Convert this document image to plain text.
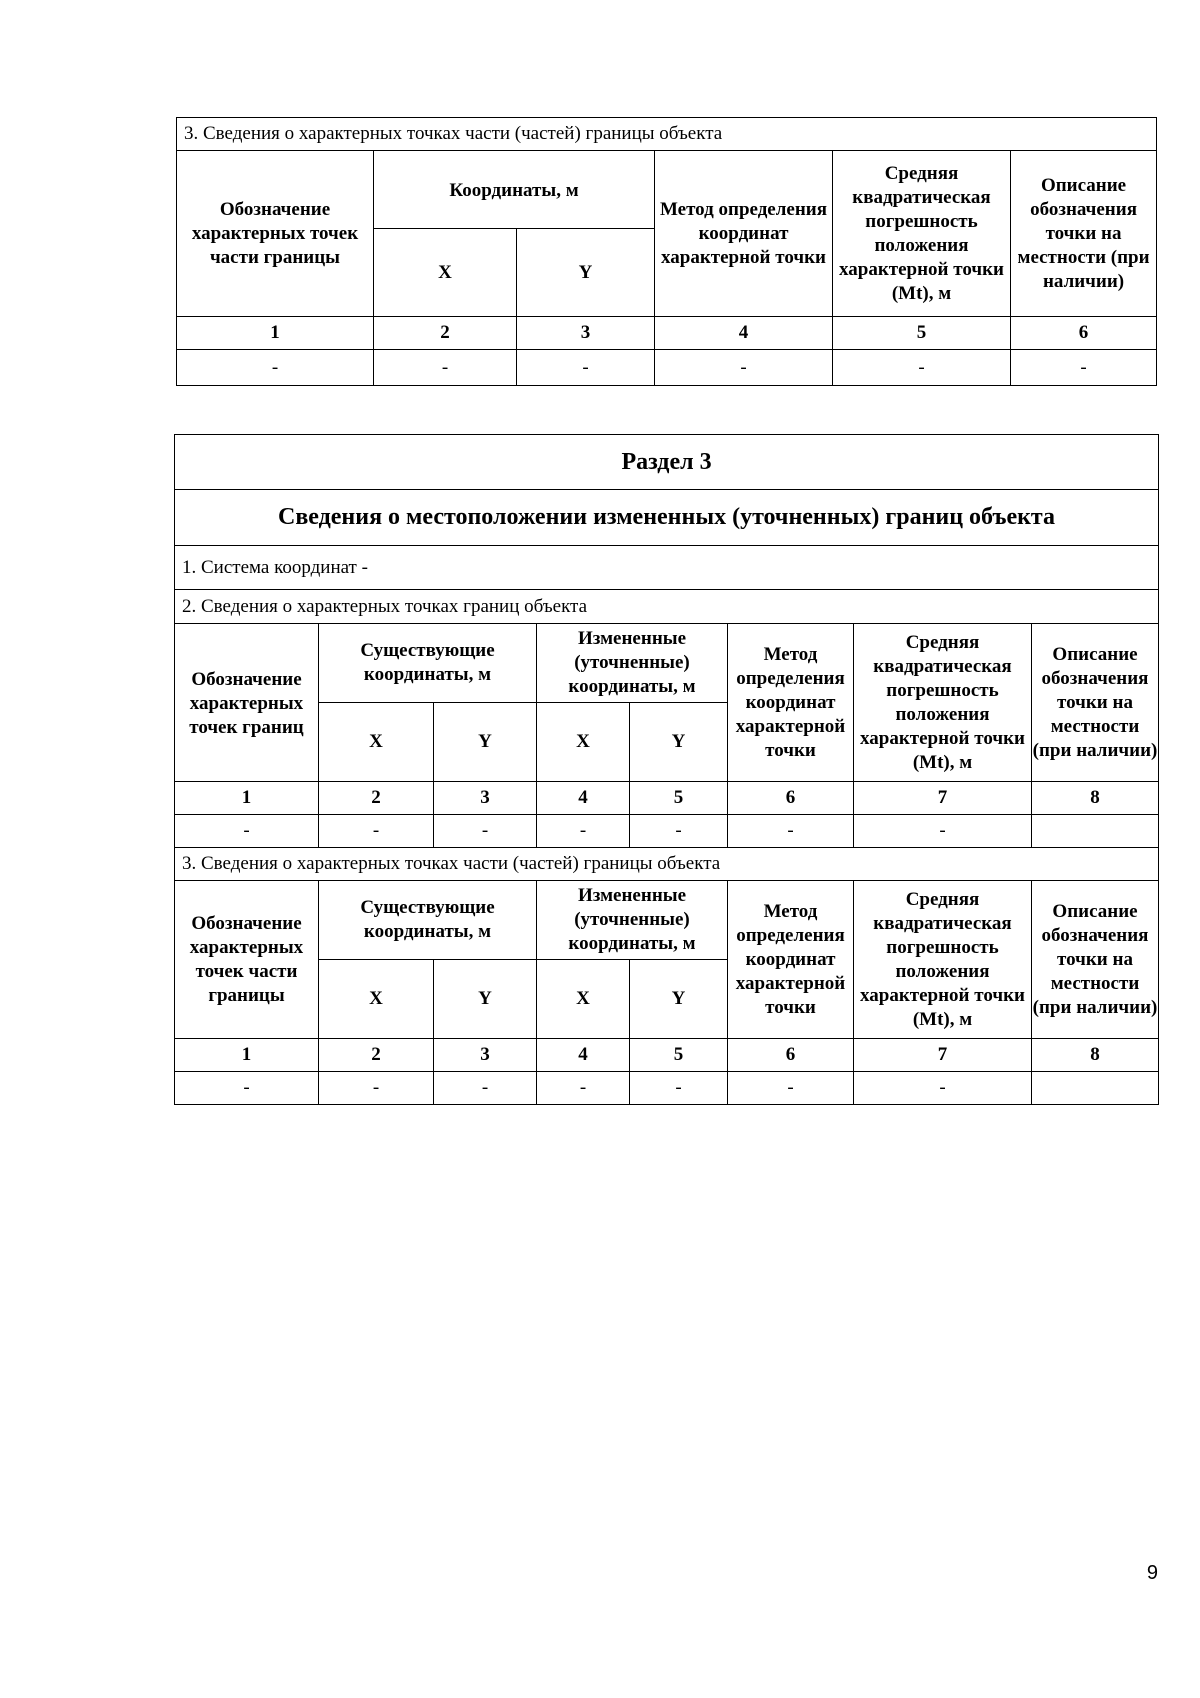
3. Сведения о характерных точках части (частей) границы объекта					
Обозначение характерных точек части границы	Координаты, м		Метод определения координат характерной точки	Средняя квадратическая погрешность положения характерной точки (Mt), м	Описание обозначения точки на местности (при наличии)
	X	Y			
1	2	3	4	5	6
-	-	-	-	-	-
Раздел 3							
Сведения о местоположении измененных (уточненных) границ объекта							
1. Система координат -							
2. Сведения о характерных точках границ объекта							
Обозначение характерных точек границ	Существующие координаты, м		Измененные (уточненные) координаты, м		Метод определения координат характерной точки	Средняя квадратическая погрешность положения характерной точки (Mt), м	Описание обозначения точки на местности (при наличии)
	X	Y	X	Y			
1	2	3	4	5	6	7	8
-	-	-	-	-	-	-	
3. Сведения о характерных точках части (частей) границы объекта							
Обозначение характерных точек части границы	Существующие координаты, м		Измененные (уточненные) координаты, м		Метод определения координат характерной точки	Средняя квадратическая погрешность положения характерной точки (Mt), м	Описание обозначения точки на местности (при наличии)
	X	Y	X	Y			
1	2	3	4	5	6	7	8
-	-	-	-	-	-	-	
9
